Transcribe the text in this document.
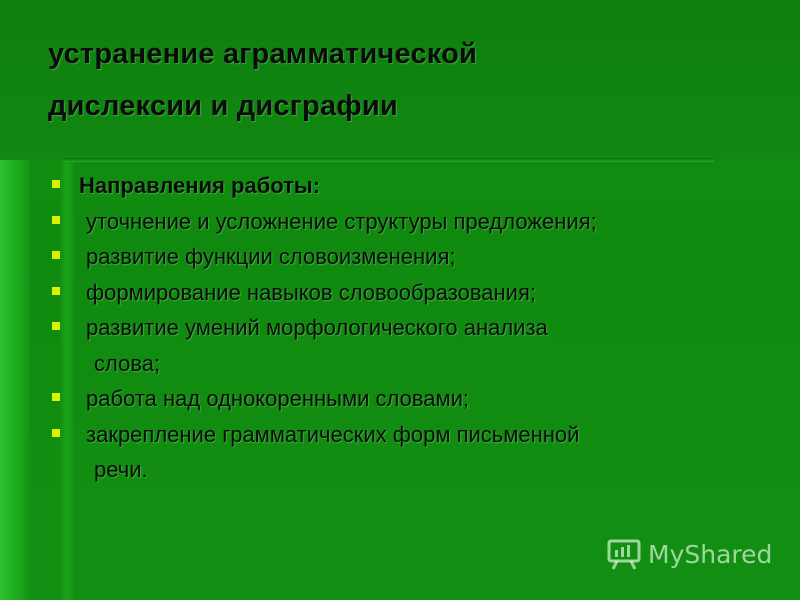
устранение аграмматической
дислексии и дисграфии
Направления работы:
уточнение и усложнение структуры предложения;
развитие функции словоизменения;
формирование навыков словообразования;
развитие умений морфологического анализа
слова;
работа над однокоренными словами;
закрепление грамматических форм письменной
речи.
MyShared
